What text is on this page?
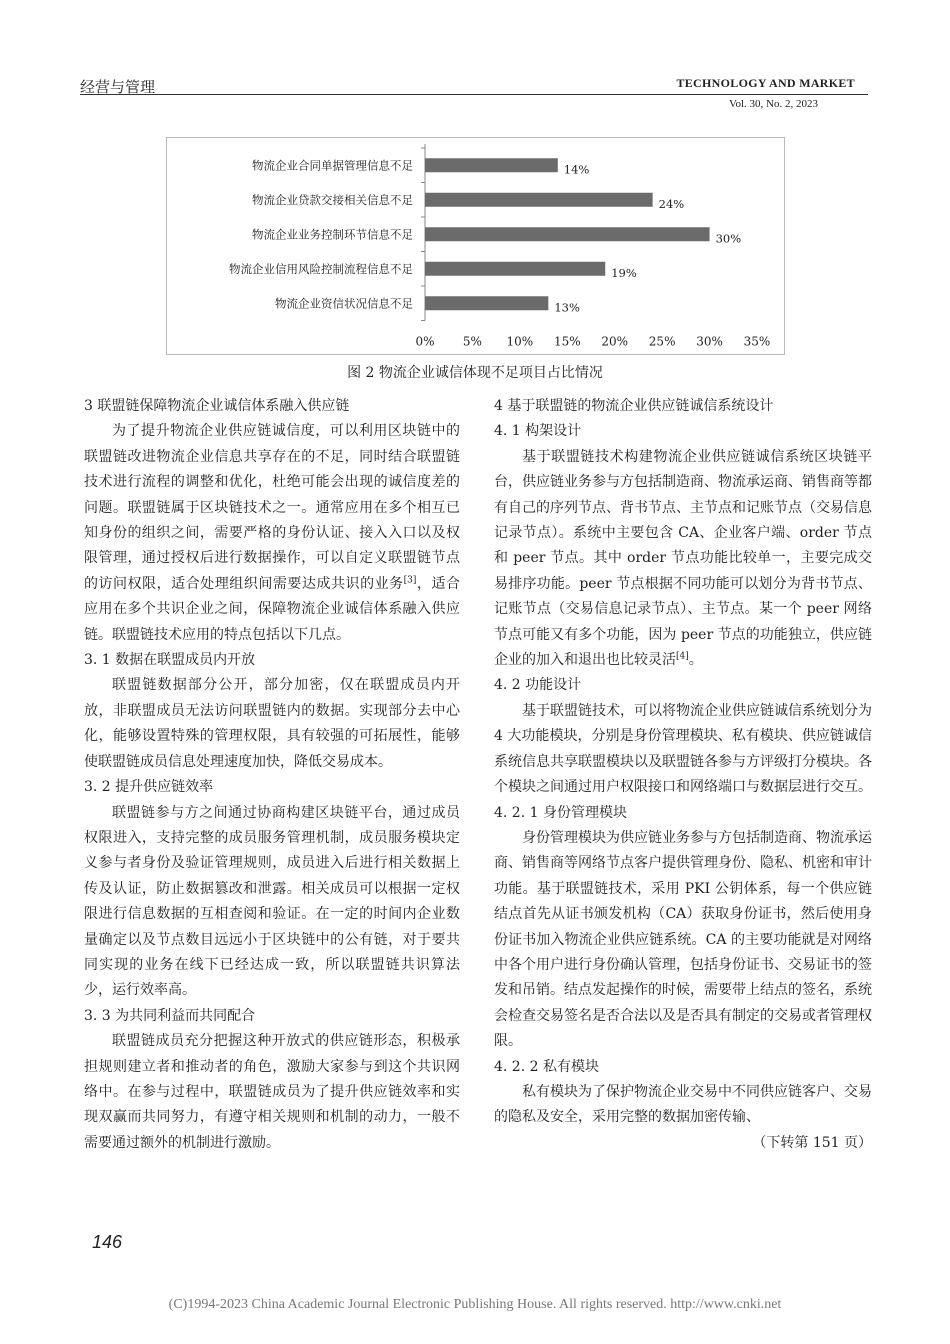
经营与管理	TECHNOLOGY AND MARKET
Vol. 30, No. 2, 2023
物流企业合同单据管理信息不足	14%
物流企业贷款交接相关信息不足	24%
物流企业业务控制环节信息不足	30%
物流企业信用风险控制流程信息不足	19%
物流企业资信状况信息不足	13%
0% 5% 10% 15% 20% 25% 30% 35%
图 2 物流企业诚信体现不足项目占比情况

3 联盟链保障物流企业诚信体系融入供应链

为了提升物流企业供应链诚信度，可以利用区块链中的联盟链改进物流企业信息共享存在的不足，同时结合联盟链技术进行流程的调整和优化，杜绝可能会出现的诚信度差的问题。联盟链属于区块链技术之一。通常应用在多个相互已知身份的组织之间，需要严格的身份认证、接入入口以及权限管理，通过授权后进行数据操作，可以自定义联盟链节点的访问权限，适合处理组织间需要达成共识的业务[3]，适合应用在多个共识企业之间，保障物流企业诚信体系融入供应链。联盟链技术应用的特点包括以下几点。

3. 1 数据在联盟成员内开放

联盟链数据部分公开，部分加密，仅在联盟成员内开放，非联盟成员无法访问联盟链内的数据。实现部分去中心化，能够设置特殊的管理权限，具有较强的可拓展性，能够使联盟链成员信息处理速度加快，降低交易成本。

3. 2 提升供应链效率

联盟链参与方之间通过协商构建区块链平台，通过成员权限进入，支持完整的成员服务管理机制，成员服务模块定义参与者身份及验证管理规则，成员进入后进行相关数据上传及认证，防止数据篡改和泄露。相关成员可以根据一定权限进行信息数据的互相查阅和验证。在一定的时间内企业数量确定以及节点数目远远小于区块链中的公有链，对于要共同实现的业务在线下已经达成一致，所以联盟链共识算法少，运行效率高。

3. 3 为共同利益而共同配合

联盟链成员充分把握这种开放式的供应链形态，积极承担规则建立者和推动者的角色，激励大家参与到这个共识网络中。在参与过程中，联盟链成员为了提升供应链效率和实现双赢而共同努力，有遵守相关规则和机制的动力，一般不需要通过额外的机制进行激励。

4 基于联盟链的物流企业供应链诚信系统设计

4. 1 构架设计

基于联盟链技术构建物流企业供应链诚信系统区块链平台，供应链业务参与方包括制造商、物流承运商、销售商等都有自己的序列节点、背书节点、主节点和记账节点（交易信息记录节点）。系统中主要包含 CA、企业客户端、order 节点和 peer 节点。其中 order 节点功能比较单一，主要完成交易排序功能。peer 节点根据不同功能可以划分为背书节点、记账节点（交易信息记录节点）、主节点。某一个 peer 网络节点可能又有多个功能，因为 peer 节点的功能独立，供应链企业的加入和退出也比较灵活[4]。

4. 2 功能设计

基于联盟链技术，可以将物流企业供应链诚信系统划分为 4 大功能模块，分别是身份管理模块、私有模块、供应链诚信系统信息共享联盟模块以及联盟链各参与方评级打分模块。各个模块之间通过用户权限接口和网络端口与数据层进行交互。

4. 2. 1 身份管理模块

身份管理模块为供应链业务参与方包括制造商、物流承运商、销售商等网络节点客户提供管理身份、隐私、机密和审计功能。基于联盟链技术，采用 PKI 公钥体系，每一个供应链结点首先从证书颁发机构（CA）获取身份证书，然后使用身份证书加入物流企业供应链系统。CA 的主要功能就是对网络中各个用户进行身份确认管理，包括身份证书、交易证书的签发和吊销。结点发起操作的时候，需要带上结点的签名，系统会检查交易签名是否合法以及是否具有制定的交易或者管理权限。

4. 2. 2 私有模块

私有模块为了保护物流企业交易中不同供应链客户、交易的隐私及安全，采用完整的数据加密传输、

（下转第 151 页）

146
(C)1994-2023 China Academic Journal Electronic Publishing House. All rights reserved. http://www.cnki.net
